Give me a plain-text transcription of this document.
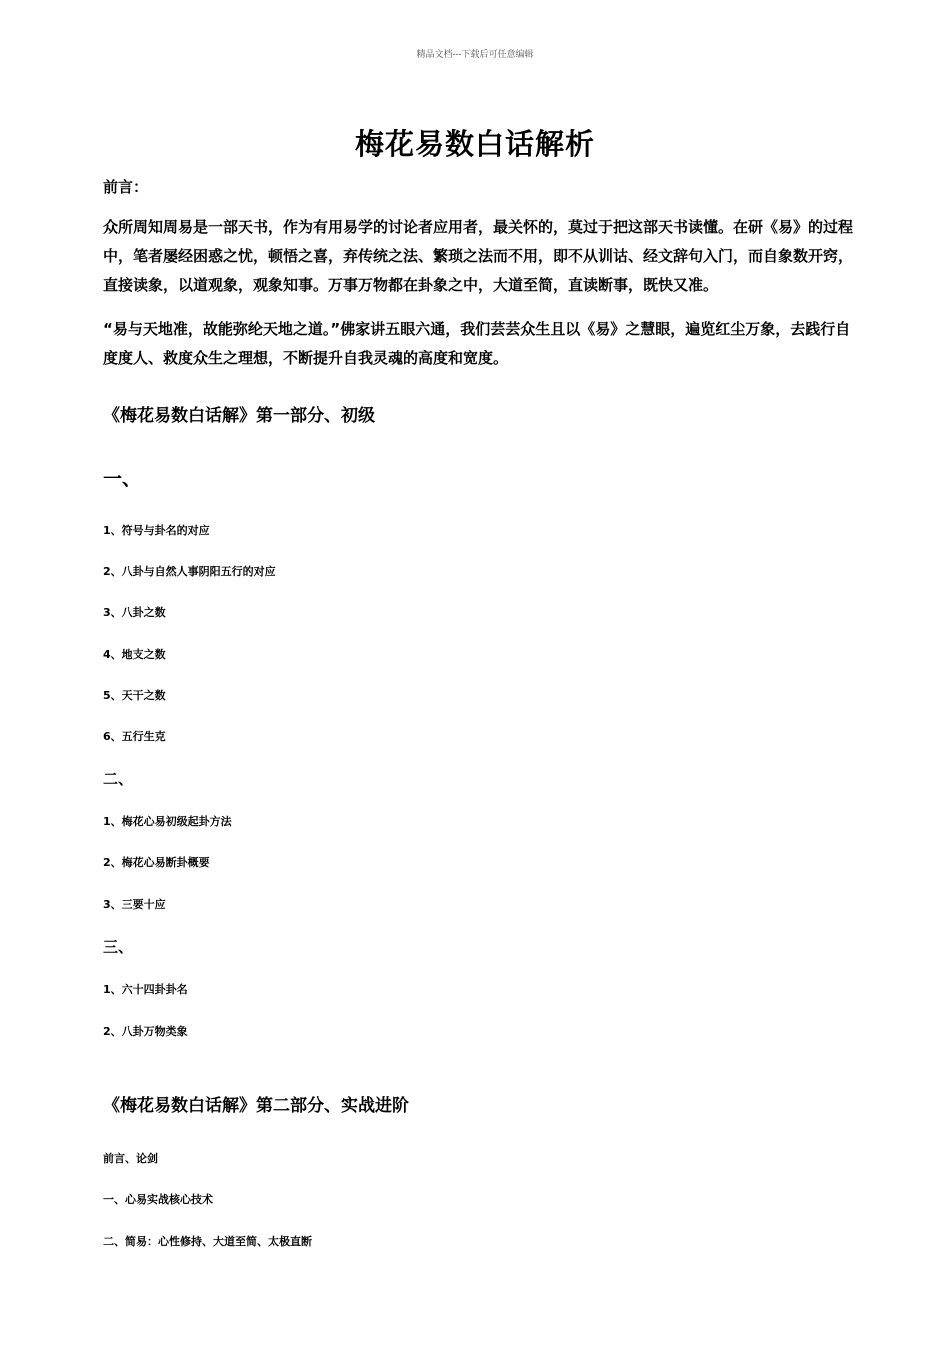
精品文档---下载后可任意编辑
梅花易数白话解析
前言：
众所周知周易是一部天书，作为有用易学的讨论者应用者，最关怀的，莫过于把这部天书读懂。在研《易》的过程中，笔者屡经困惑之忧，顿悟之喜，弃传统之法、繁琐之法而不用，即不从训诂、经文辞句入门，而自象数开窍，直接读象，以道观象，观象知事。万事万物都在卦象之中，大道至简，直读断事，既快又准。
“易与天地准，故能弥纶天地之道。”佛家讲五眼六通，我们芸芸众生且以《易》之慧眼，遍览红尘万象，去践行自度度人、救度众生之理想，不断提升自我灵魂的高度和宽度。
《梅花易数白话解》第一部分、初级
一、
1、符号与卦名的对应
2、八卦与自然人事阴阳五行的对应
3、八卦之数
4、地支之数
5、天干之数
6、五行生克
二、
1、梅花心易初级起卦方法
2、梅花心易断卦概要
3、三要十应
三、
1、六十四卦卦名
2、八卦万物类象
《梅花易数白话解》第二部分、实战进阶
前言、论剑
一、心易实战核心技术
二、简易：心性修持、大道至简、太极直断
